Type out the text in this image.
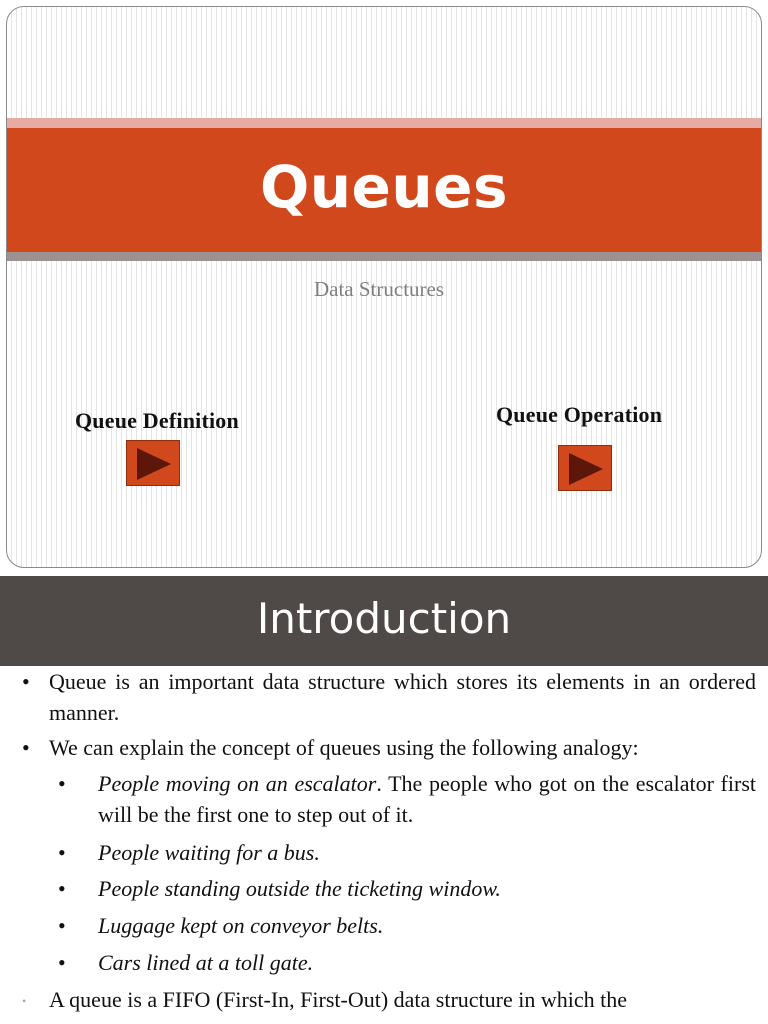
Queues
Data Structures
Queue Definition	Queue Operation
Introduction
• Queue is an important data structure which stores its elements in an ordered manner.

• We can explain the concept of queues using the following analogy:

• People moving on an escalator. The people who got on the escalator first will be the first one to step out of it.

• People waiting for a bus.

• People standing outside the ticketing window.

• Luggage kept on conveyor belts.

• Cars lined at a toll gate.

• A queue is a FIFO (First-In, First-Out) data structure in which the
